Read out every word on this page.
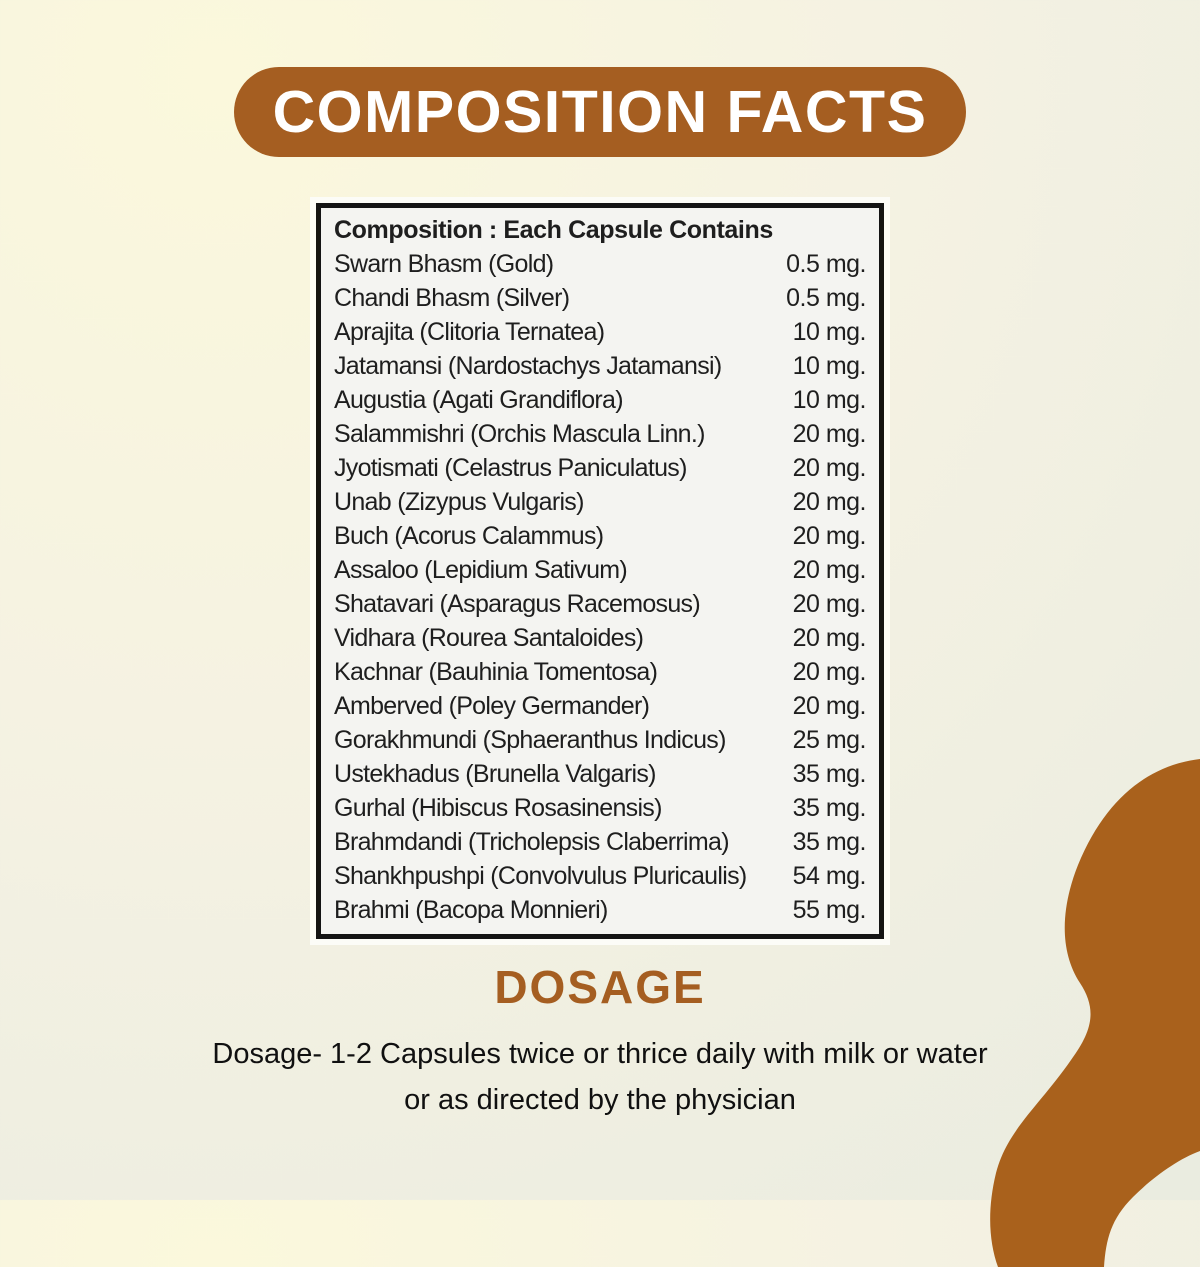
COMPOSITION FACTS
Composition : Each Capsule Contains
Swarn Bhasm (Gold)	0.5 mg.
Chandi Bhasm (Silver)	0.5 mg.
Aprajita (Clitoria Ternatea)	10 mg.
Jatamansi (Nardostachys Jatamansi)	10 mg.
Augustia (Agati Grandiflora)	10 mg.
Salammishri (Orchis Mascula Linn.)	20 mg.
Jyotismati (Celastrus Paniculatus)	20 mg.
Unab (Zizypus Vulgaris)	20 mg.
Buch (Acorus Calammus)	20 mg.
Assaloo (Lepidium Sativum)	20 mg.
Shatavari (Asparagus Racemosus)	20 mg.
Vidhara (Rourea Santaloides)	20 mg.
Kachnar (Bauhinia Tomentosa)	20 mg.
Amberved (Poley Germander)	20 mg.
Gorakhmundi (Sphaeranthus Indicus)	25 mg.
Ustekhadus (Brunella Valgaris)	35 mg.
Gurhal (Hibiscus Rosasinensis)	35 mg.
Brahmdandi (Tricholepsis Claberrima)	35 mg.
Shankhpushpi (Convolvulus Pluricaulis) 54 mg.
Brahmi (Bacopa Monnieri)	55 mg.
DOSAGE
Dosage- 1-2 Capsules twice or thrice daily with milk or water or as directed by the physician
